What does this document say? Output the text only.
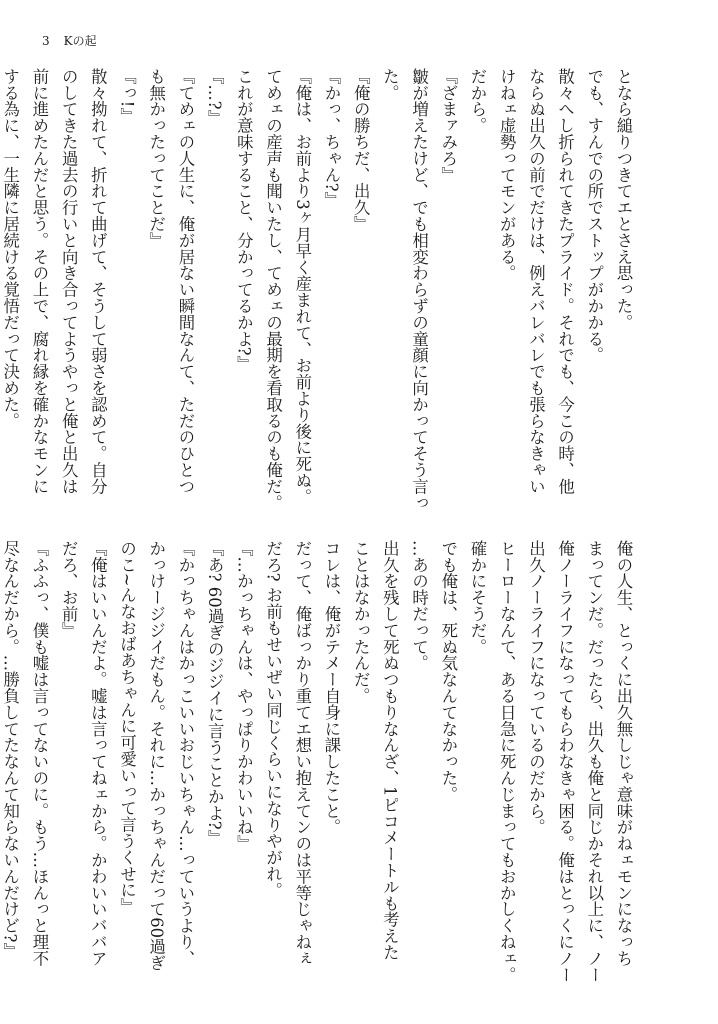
3 Kの起
となら縋りつきてエとさえ思った。
でも、すんでの所でストップがかかる。
散々へし折られてきたプライド。それでも、今この時、他
ならぬ出久の前でだけは、例えバレバレでも張らなきゃい
けねェ虚勢ってモンがある。
だから。
『ざまァみろ』
皺が増えたけど、でも相変わらずの童顔に向かってそう言っ
た。
『俺の勝ちだ、出久』
『かっ、ちゃん?』
『俺は、お前より3ヶ月早く産まれて、お前より後に死ぬ。
てめェの産声も聞いたし、てめェの最期を看取るのも俺だ。
これが意味すること、分かってるかよ?』
『…?』
『てめェの人生に、俺が居ない瞬間なんて、ただのひとつ
も無かったってことだ』
『っ!』
散々拗れて、折れて曲げて、そうして弱さを認めて。自分
のしてきた過去の行いと向き合ってようやっと俺と出久は
前に進めたんだと思う。その上で、腐れ縁を確かなモンに
する為に、一生隣に居続ける覚悟だって決めた。
俺の人生、とっくに出久無しじゃ意味がねェモンになっち
まってンだ。だったら、出久も俺と同じかそれ以上に、ノー
俺ノーライフになってもらわなきゃ困る。俺はとっくにノー
出久ノーライフになっているのだから。
ヒーローなんて、ある日急に死んじまってもおかしくねェ。
確かにそうだ。
でも俺は、死ぬ気なんてなかった。
…あの時だって。
出久を残して死ぬつもりなんざ、1ピコメートルも考えた
ことはなかったんだ。
コレは、俺がテメー自身に課したこと。
だって、俺ばっかり重てエ想い抱えてンのは平等じゃねぇ
だろ? お前もせいぜい同じくらいになりやがれ。
『…かっちゃんは、やっぱりかわいいね』
『あ? 60過ぎのジジイに言うことかよ?』
『かっちゃんはかっこいいおじいちゃん…っていうより、
かっけージジイだもん。それに…かっちゃんだって60過ぎ
のこ~んなおばあちゃんに可愛いって言うくせに』
『俺はいいんだよ。嘘は言ってねェから。かわいいババア
だろ、お前』
『ふふっ、僕も嘘は言ってないのに。もう…ほんっと理不
尽なんだから。…勝負してたなんて知らないんだけど?』
